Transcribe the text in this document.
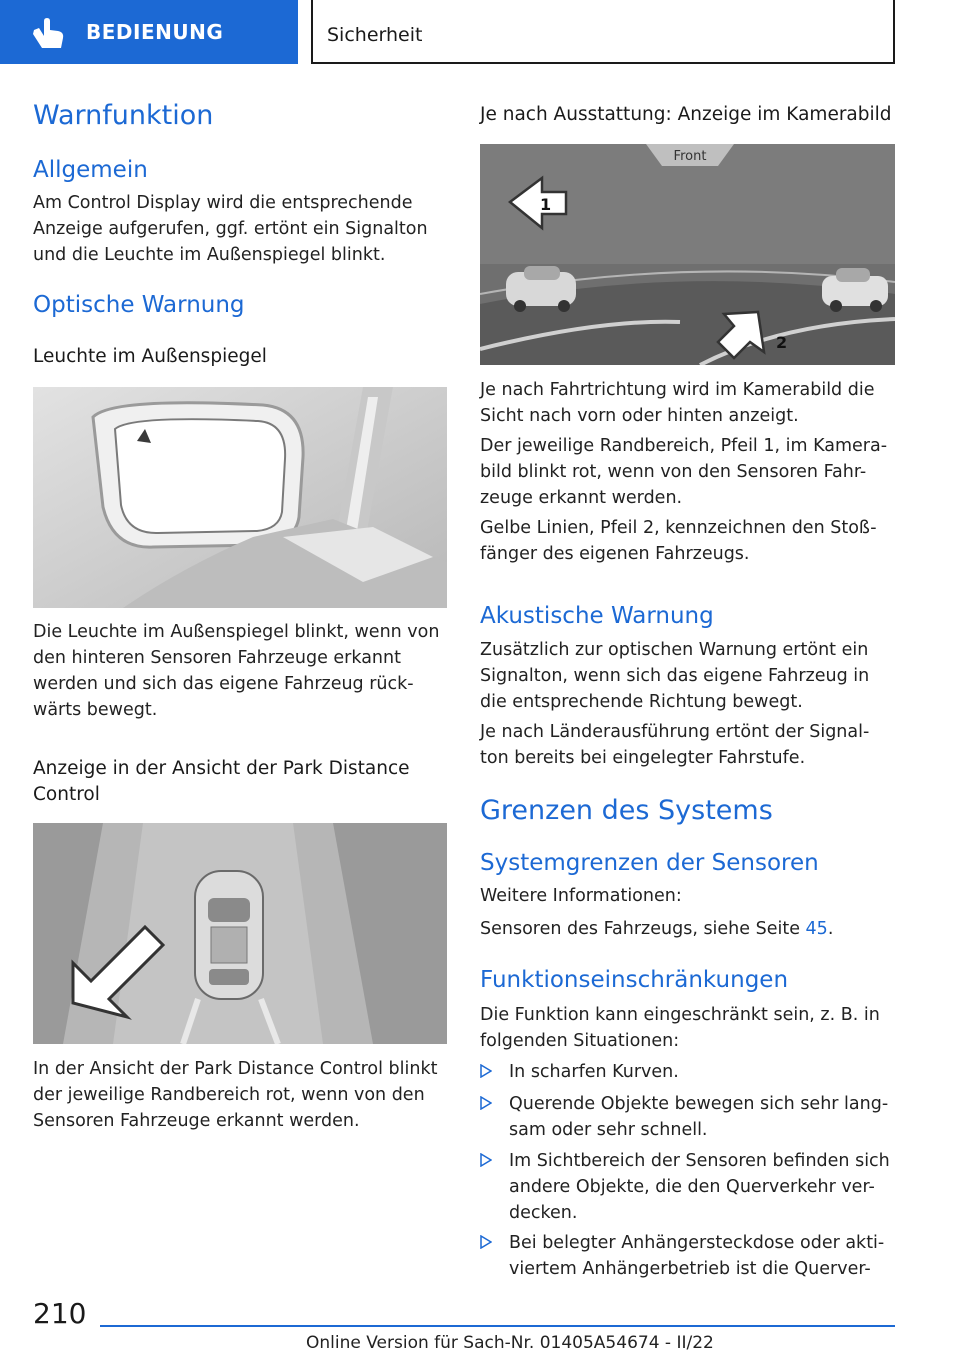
BEDIENUNG	Sicherheit
Warnfunktion
Allgemein

Am Control Display wird die entsprechende Anzeige aufgerufen, ggf. ertönt ein Signalton und die Leuchte im Außenspiegel blinkt.

Optische Warnung
Leuchte im Außenspiegel

Die Leuchte im Außenspiegel blinkt, wenn von den hinteren Sensoren Fahrzeuge erkannt werden und sich das eigene Fahrzeug rück-wärts bewegt.

Anzeige in der Ansicht der Park Distance Control

In der Ansicht der Park Distance Control blinkt der jeweilige Randbereich rot, wenn von den Sensoren Fahrzeuge erkannt werden.

Je nach Ausstattung: Anzeige im Kamerabild
Front
1
2

Je nach Fahrtrichtung wird im Kamerabild die Sicht nach vorn oder hinten anzeigt.

Der jeweilige Randbereich, Pfeil 1, im Kamera-bild blinkt rot, wenn von den Sensoren Fahr-zeuge erkannt werden.

Gelbe Linien, Pfeil 2, kennzeichnen den Stoß-fänger des eigenen Fahrzeugs.

Akustische Warnung

Zusätzlich zur optischen Warnung ertönt ein Signalton, wenn sich das eigene Fahrzeug in die entsprechende Richtung bewegt.

Je nach Länderausführung ertönt der Signal-ton bereits bei eingelegter Fahrstufe.

Grenzen des Systems
Systemgrenzen der Sensoren

Weitere Informationen:

Sensoren des Fahrzeugs, siehe Seite 45.

Funktionseinschränkungen

Die Funktion kann eingeschränkt sein, z. B. in folgenden Situationen:

In scharfen Kurven.
Querende Objekte bewegen sich sehr lang-sam oder sehr schnell.
Im Sichtbereich der Sensoren befinden sich andere Objekte, die den Querverkehr ver-decken.
Bei belegter Anhängersteckdose oder akti-viertem Anhängerbetrieb ist die Querver-
210
Online Version für Sach-Nr. 01405A54674 - II/22
